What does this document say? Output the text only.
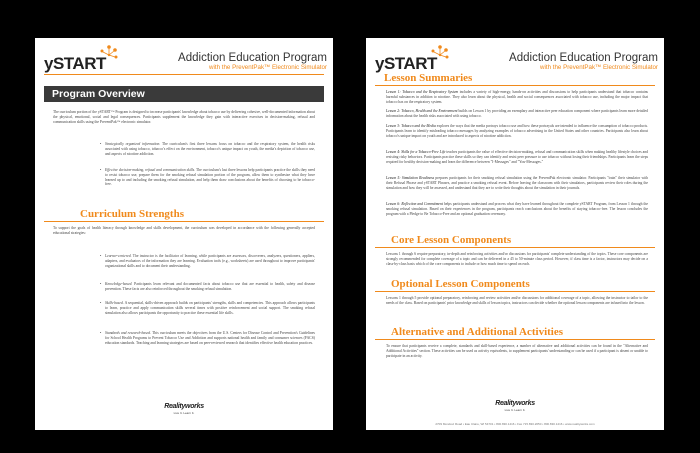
ySTART	Addiction Education Program
with the PreventPak™ Electronic Simulator
Program Overview
The curriculum portion of the ySTART™ Program is designed to increase participants' knowledge about tobacco use by delivering cohesive, well-documented information about the physical, emotional, social and legal consequences. Participants supplement the knowledge they gain with interactive exercises in decision-making, refusal and communication skills using the PreventPak™ electronic simulator.
• Strategically organized information. The curriculum's first three lessons focus on tobacco and the respiratory system, the health risks associated with using tobacco, tobacco's effect on the environment, tobacco's unique impact on youth, the media's depiction of tobacco use, and aspects of nicotine addiction.
• Effective decision-making, refusal and communication skills. The curriculum's last three lessons help participants practice the skills they need to resist tobacco use, prepare them for the smoking refusal simulation portion of the program, allow them to synthesize what they have learned up to and including the smoking refusal simulation, and help them draw conclusions about the benefits of choosing to be tobacco-free.
Curriculum Strengths
To support the goals of health literacy through knowledge and skills development, the curriculum was developed in accordance with the following generally accepted educational strategies:
• Learner-centered. The instructor is the facilitator of learning, while participants are assessors, discoverers, analyzers, questioners, appliers, adapters, and evaluators of the information they are learning. Evaluation tools (e.g., worksheets) are used throughout to improve participants' organizational skills and to document their understanding.
• Knowledge-based. Participants learn relevant and documented facts about tobacco use that are essential to health, safety and disease prevention. These facts are also reinforced throughout the smoking refusal simulation.
• Skills-based. A sequential, skills-driven approach builds on participants' strengths, skills and competencies. This approach allows participants to learn, practice and apply communication skills several times with positive reinforcement and social support. The smoking refusal simulation also allows participants the opportunity to practice these essential life skills.
• Standards and research-based. This curriculum meets the objectives from the U.S. Centers for Disease Control and Prevention's Guidelines for School Health Programs to Prevent Tobacco Use and Addiction and supports national health and family and consumer sciences (FACS) education standards. Teaching and learning strategies are based on peer-reviewed research that identifies effective health education practices.
Realityworks
Live It. Learn It.
ySTART	Addiction Education Program
with the PreventPak™ Electronic Simulator
Lesson Summaries
Lesson 1: Tobacco and the Respiratory System includes a variety of high-energy, hands-on activities and discussions to help participants understand that tobacco contains harmful substances in addition to nicotine. They also learn about the physical, health and social consequences associated with tobacco use, including the major impact that tobacco has on the respiratory system.
Lesson 2: Tobacco, Health and the Environment builds on Lesson 1 by providing an exemplary and interactive peer education component where participants learn more detailed information about the health risks associated with using tobacco.
Lesson 3: Tobacco and the Media explores the ways that the media portrays tobacco use and how these portrayals are intended to influence the consumption of tobacco products. Participants learn to identify misleading tobacco messages by analyzing examples of tobacco advertising in the United States and other countries. Participants also learn about tobacco's unique impact on youth and are introduced to aspects of nicotine addiction.
Lesson 4: Skills for a Tobacco-Free Life teaches participants the value of effective decision-making, refusal and communication skills when making healthy lifestyle choices and resisting risky behaviors. Participants practice these skills so they can identify and resist peer pressure to use tobacco without losing their friendships. Participants learn the steps required for healthy decision-making and learn the difference between "I-Messages" and "You-Messages."
Lesson 5: Simulation Readiness prepares participants for their smoking refusal simulation using the PreventPak electronic simulator. Participants "train" their simulator with their Refusal Phrase and ySTART Phrases, and practice a smoking refusal event. Before leaving the classroom with their simulators, participants review their roles during the simulation and how they will be assessed, and understand that they are to write their thoughts about the simulation in their journals.
Lesson 6: Reflection and Commitment helps participants understand and process what they have learned throughout the complete ySTART Program, from Lesson 1 through the smoking refusal simulation. Based on their experiences in the program, participants reach conclusions about the benefits of staying tobacco-free. The lesson concludes the program with a Pledge to Be Tobacco-Free and an optional graduation ceremony.
Core Lesson Components
Lessons 1 through 6 require preparatory, in-depth and reinforcing activities and/or discussions for participants' complete understanding of the topics. These core components are strongly recommended for complete coverage of a topic and can be delivered in a 45 to 50-minute class period. However, if class time is a factor, instructors may decide on a class-by-class basis which of the core components to include or how much time to spend on each.
Optional Lesson Components
Lessons 1 through 5 provide optional preparatory, reinforcing and review activities and/or discussions for additional coverage of a topic, allowing the instructor to tailor to the needs of the class. Based on participants' prior knowledge and skills of lesson topics, instructors can decide whether the optional lesson components are infused into the lesson.
Alternative and Additional Activities
To ensure that participants receive a complete, standards and skill-based experience, a number of alternative and additional activities can be found in the "Alternative and Additional Activities" section. These activities can be used as activity equivalents, to supplement participants' understanding or can be used if a participant is absent or unable to participate in an activity.
Realityworks
Live It. Learn It.
2709 Mondovi Road • Eau Claire, WI 54701 • 800.830.1416 • Fax 715.830.2050 • 800.830.1416 • www.realityworks.com
